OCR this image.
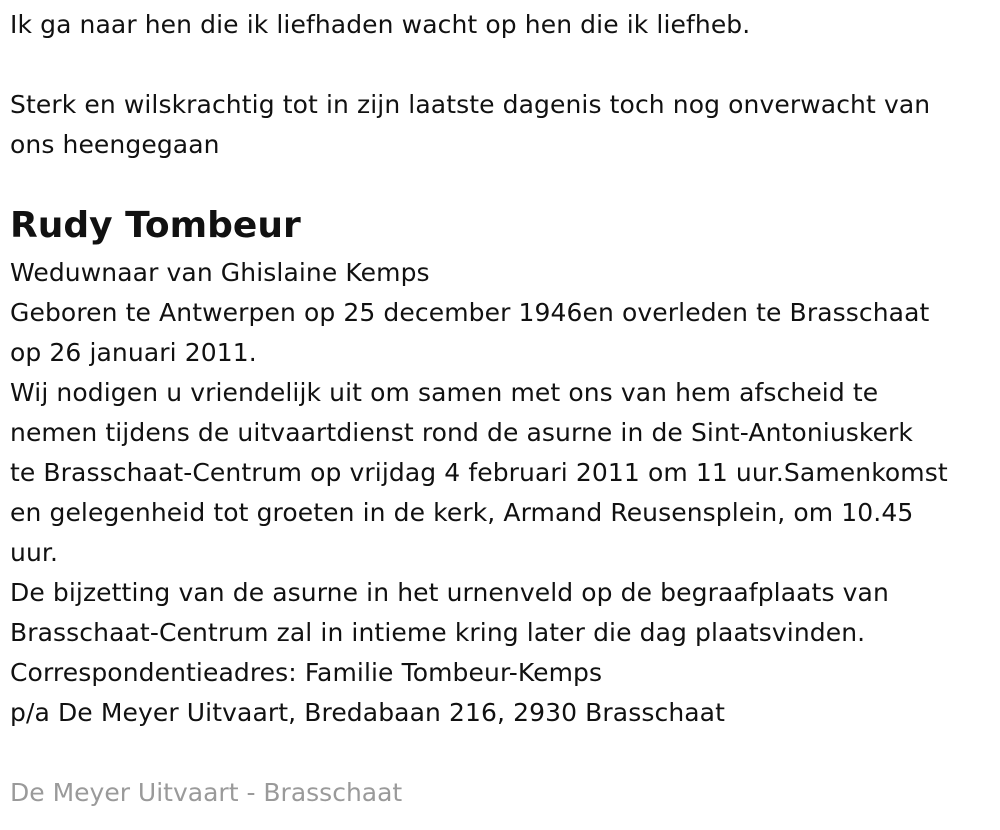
Ik ga naar hen die ik liefhaden wacht op hen die ik liefheb.
Sterk en wilskrachtig tot in zijn laatste dagenis toch nog onverwacht van
ons heengegaan
Rudy Tombeur
Weduwnaar van Ghislaine Kemps
Geboren te Antwerpen op 25 december 1946en overleden te Brasschaat
op 26 januari 2011.
Wij nodigen u vriendelijk uit om samen met ons van hem afscheid te
nemen tijdens de uitvaartdienst rond de asurne in de Sint-Antoniuskerk
te Brasschaat-Centrum op vrijdag 4 februari 2011 om 11 uur.Samenkomst
en gelegenheid tot groeten in de kerk, Armand Reusensplein, om 10.45
uur.
De bijzetting van de asurne in het urnenveld op de begraafplaats van
Brasschaat-Centrum zal in intieme kring later die dag plaatsvinden.
Correspondentieadres: Familie Tombeur-Kemps
p/a De Meyer Uitvaart, Bredabaan 216, 2930 Brasschaat
De Meyer Uitvaart - Brasschaat
